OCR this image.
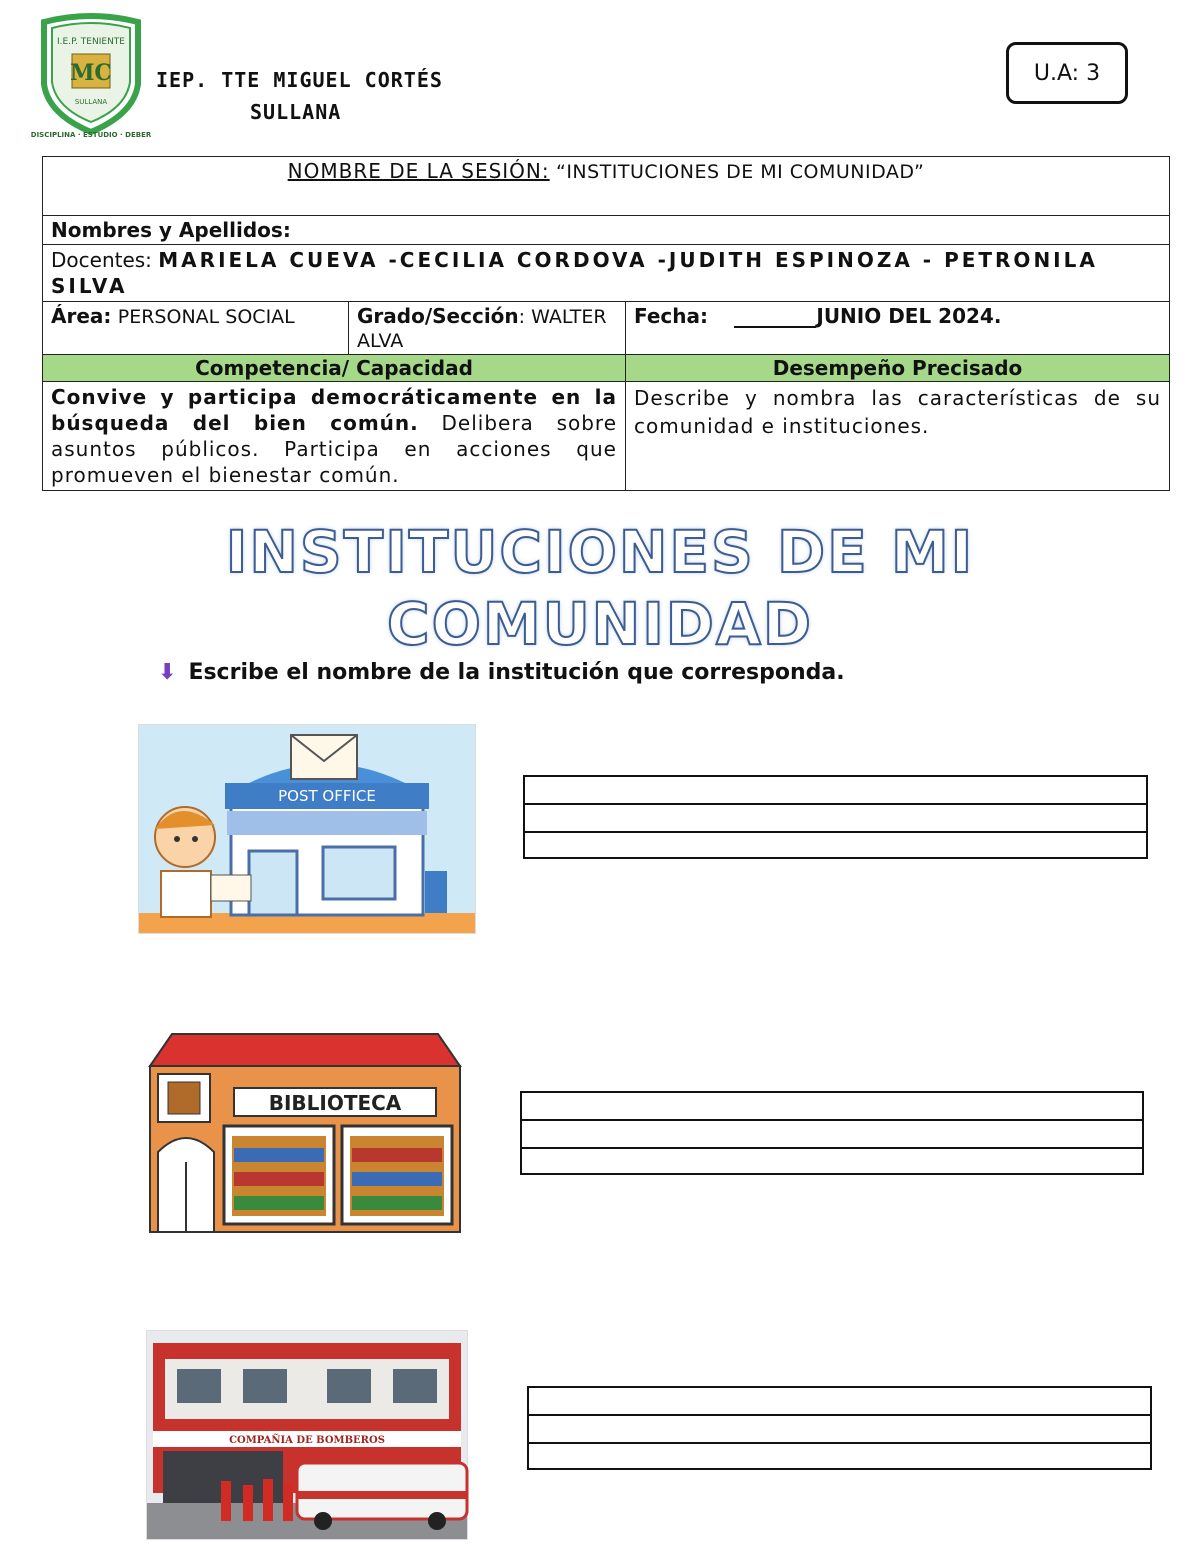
I.E.P. TENIENTE
MC
SULLANA
DISCIPLINA · ESTUDIO · DEBER
IEP. TTE MIGUEL CORTÉS
SULLANA
U.A: 3
NOMBRE DE LA SESIÓN: “INSTITUCIONES DE MI COMUNIDAD”		
Nombres y Apellidos:		
Docentes: MARIELA CUEVA -CECILIA CORDOVA -JUDITH ESPINOZA - PETRONILA SILVA		
Área: PERSONAL SOCIAL	Grado/Sección: WALTER ALVA	Fecha: JUNIO DEL 2024.
Competencia/ Capacidad		Desempeño Precisado
Convive y participa democráticamente en la búsqueda del bien común. Delibera sobre asuntos públicos. Participa en acciones que promueven el bienestar común.		Describe y nombra las características de su comunidad e instituciones.
INSTITUCIONES DE MI
COMUNIDAD
⬇ Escribe el nombre de la institución que corresponda.
POST OFFICE
BIBLIOTECA
COMPAÑIA DE BOMBEROS
